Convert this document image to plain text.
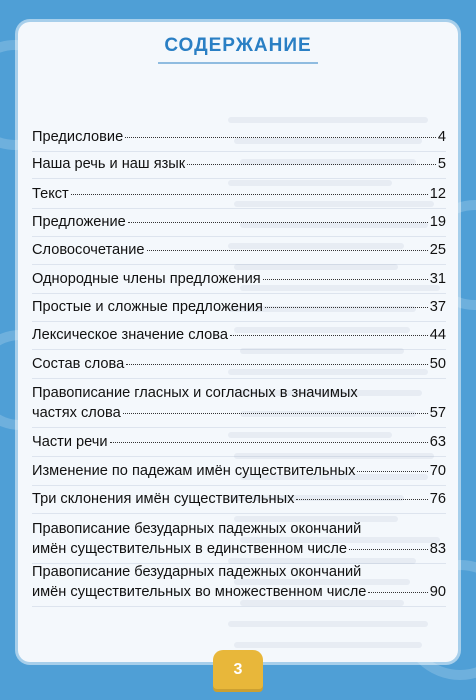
СОДЕРЖАНИЕ
Предисловие	4
Наша речь и наш язык	5
Текст	12
Предложение	19
Словосочетание	25
Однородные члены предложения	31
Простые и сложные предложения	37
Лексическое значение слова	44
Состав слова	50
Правописание гласных и согласных в значимых
частях слова	57
Части речи	63
Изменение по падежам имён существительных	70
Три склонения имён существительных	76
Правописание безударных падежных окончаний
имён существительных в единственном числе	83
Правописание безударных падежных окончаний
имён существительных во множественном числе	90
3
